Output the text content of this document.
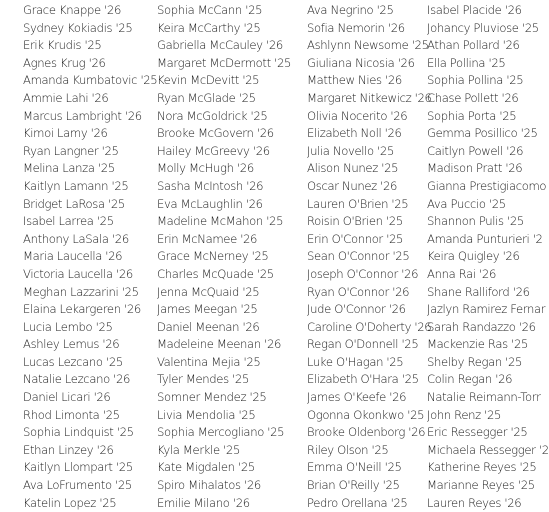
Grace Knappe '26
Sydney Kokiadis '25
Erik Krudis '25
Agnes Krug '26
Amanda Kumbatovic '25
Ammie Lahi '26
Marcus Lambright '26
Kimoi Lamy '26
Ryan Langner '25
Melina Lanza '25
Kaitlyn Lamann '25
Bridget LaRosa '25
Isabel Larrea '25
Anthony LaSala '26
Maria Laucella '26
Victoria Laucella '26
Meghan Lazzarini '25
Elaina Lekargeren '26
Lucia Lembo '25
Ashley Lemus '26
Lucas Lezcano '25
Natalie Lezcano '26
Daniel Licari '26
Rhod Limonta '25
Sophia Lindquist '25
Ethan Linzey '26
Kaitlyn Llompart '25
Ava LoFrumento '25
Katelin Lopez '25
Sophia McCann '25
Keira McCarthy '25
Gabriella McCauley '26
Margaret McDermott '25
Kevin McDevitt '25
Ryan McGlade '25
Nora McGoldrick '25
Brooke McGovern '26
Hailey McGreevy '26
Molly McHugh '26
Sasha McIntosh '26
Eva McLaughlin '26
Madeline McMahon '25
Erin McNamee '26
Grace McNerney '25
Charles McQuade '25
Jenna McQuaid '25
James Meegan '25
Daniel Meenan '26
Madeleine Meenan '26
Valentina Mejia '25
Tyler Mendes '25
Somner Mendez '25
Livia Mendolia '25
Sophia Mercogliano '25
Kyla Merkle '25
Kate Migdalen '25
Spiro Mihalatos '26
Emilie Milano '26
Ava Negrino '25
Sofia Nemorin '26
Ashlynn Newsome '25
Giuliana Nicosia '26
Matthew Nies '26
Margaret Nitkewicz '26
Olivia Nocerito '26
Elizabeth Noll '26
Julia Novello '25
Alison Nunez '25
Oscar Nunez '26
Lauren O'Brien '25
Roisin O'Brien '25
Erin O'Connor '25
Sean O'Connor '25
Joseph O'Connor '26
Ryan O'Connor '26
Jude O'Connor '26
Caroline O'Doherty '26
Regan O'Donnell '25
Luke O'Hagan '25
Elizabeth O'Hara '25
James O'Keefe '26
Ogonna Okonkwo '25
Brooke Oldenborg '26
Riley Olson '25
Emma O'Neill '25
Brian O'Reilly '25
Pedro Orellana '25
Isabel Placide '26
Johancy Pluviose '25
Athan Pollard '26
Ella Pollina '25
Sophia Pollina '25
Chase Pollett '26
Sophia Porta '25
Gemma Posillico '25
Caitlyn Powell '26
Madison Pratt '26
Gianna Prestigiacomo
Ava Puccio '25
Shannon Pulis '25
Amanda Punturieri '2
Keira Quigley '26
Anna Rai '26
Shane Ralliford '26
Jazlyn Ramirez Fernar
Sarah Randazzo '26
Mackenzie Ras '25
Shelby Regan '25
Colin Regan '26
Natalie Reimann-Torr
John Renz '25
Eric Ressegger '25
Michaela Ressegger '2
Katherine Reyes '25
Marianne Reyes '25
Lauren Reyes '26
